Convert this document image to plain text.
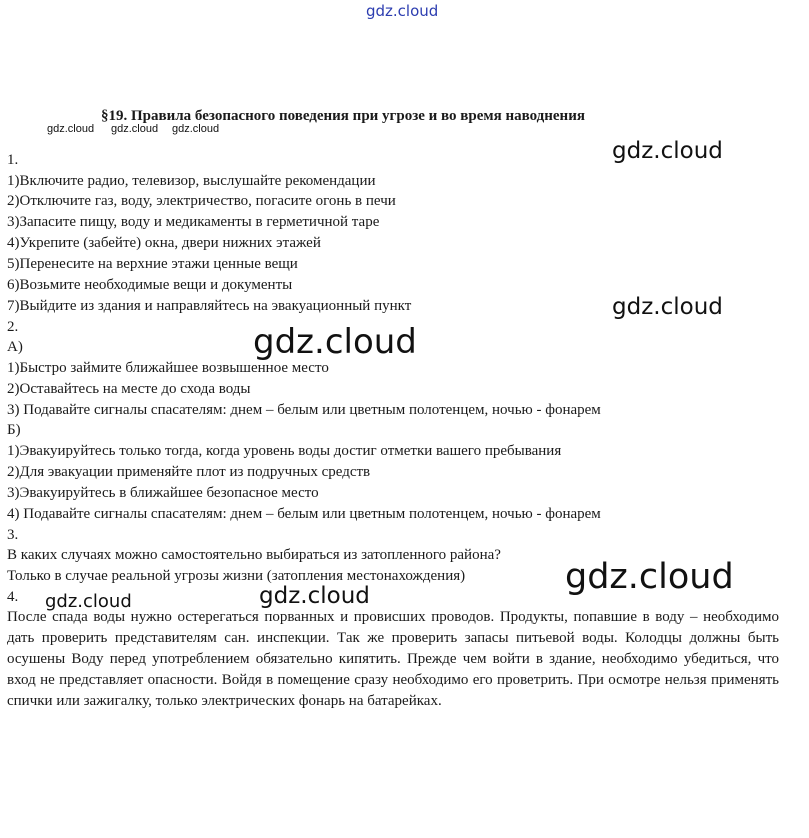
gdz.cloud
§19. Правила безопасного поведения при угрозе и во время наводнения
gdz.cloud gdz.cloud gdz.cloud
1.
1)Включите радио, телевизор, выслушайте рекомендации
2)Отключите газ, воду, электричество, погасите огонь в печи
3)Запасите пищу, воду и медикаменты в герметичной таре
4)Укрепите (забейте) окна, двери нижних этажей
5)Перенесите на верхние этажи ценные вещи
6)Возьмите необходимые вещи и документы
7)Выйдите из здания и направляйтесь на эвакуационный пункт
2.
А)
1)Быстро займите ближайшее возвышенное место
2)Оставайтесь на месте до схода воды
3) Подавайте сигналы спасателям: днем – белым или цветным полотенцем, ночью - фонарем
Б)
1)Эвакуируйтесь только тогда, когда уровень воды достиг отметки вашего пребывания
2)Для эвакуации применяйте плот из подручных средств
3)Эвакуируйтесь в ближайшее безопасное место
4) Подавайте сигналы спасателям: днем – белым или цветным полотенцем, ночью - фонарем
3.
В каких случаях можно самостоятельно выбираться из затопленного района?
Только в случае реальной угрозы жизни (затопления местонахождения)
4.
После спада воды нужно остерегаться порванных и провисших проводов. Продукты, попавшие в воду – необходимо дать проверить представителям сан. инспекции. Так же проверить запасы питьевой воды. Колодцы должны быть осушены Воду перед употреблением обязательно кипятить. Прежде чем войти в здание, необходимо убедиться, что вход не представляет опасности. Войдя в помещение сразу необходимо его проветрить. При осмотре нельзя применять спички или зажигалку, только электрических фонарь на батарейках.
gdz.cloud
gdz.cloud
gdz.cloud
gdz.cloud
gdz.cloud	gdz.cloud
